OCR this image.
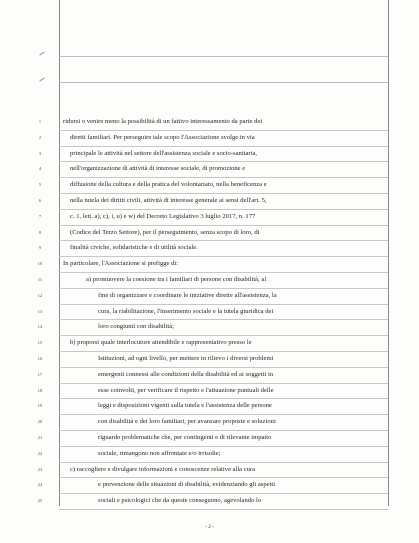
1	ridursi o venire meno la possibilità di un fattivo interessamento da parte dei
2	diretti familiari. Per perseguire tale scopo l'Associazione svolge in via
3	principale le attività nel settore dell'assistenza sociale e socio-sanitaria,
4	nell'organizzazione di attività di interesse sociale, di promozione e
5	diffusione della cultura e della pratica del volontariato, nella beneficenza e
6	nella tutela dei diritti civili, attività di interesse generale ai sensi dell'art. 5,
7	c. 1, lett. a), c), i, u) e w) del Decreto Legislativo 3 luglio 2017, n. 177
8	(Codice del Terzo Settore), per il perseguimento, senza scopo di loro, di
9	finalità civiche, solidaristiche e di utilità sociale.
10	In particolare, l'Associazione si prefigge di:
11	a) promuovere la coesione tra i familiari di persone con disabilità, al
12	fine di organizzare e coordinare le iniziative dirette all'assistenza, la
13	cura, la riabilitazione, l'inserimento sociale e la tutela giuridica dei
14	loro congiunti con disabilità;
15	b) proporsi quale interlocutore attendibile e rappresentativo presso le
16	Istituzioni, ad ogni livello, per mettere in rilievo i diversi problemi
17	emergenti connessi alle condizioni della disabilità ed ai soggetti in
18	esse coinvolti, per verificare il rispetto e l'attuazione puntuali delle
19	leggi e disposizioni vigenti sulla tutela e l'assistenza delle persone
20	con disabilità e dei loro familiari, per avanzare proposte e soluzioni
21	riguardo problematiche che, per contingenti e di rilevante impatto
22	sociale, rimangono non affrontate e/o irrisolte;
23	c) raccogliere e divulgare informazioni e conoscenze relative alla cura
24	e prevenzione delle situazioni di disabilità, evidenziando gli aspetti
25	sociali e psicologici che da queste conseguono, agevolando lo
- 2 -
